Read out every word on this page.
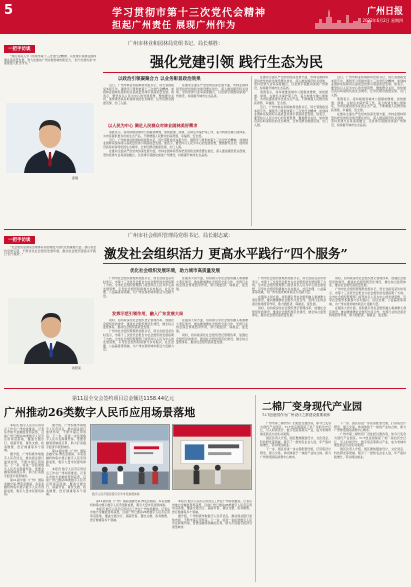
5	学习贯彻市第十三次党代会精神
担起广州责任 展现广州作为
广州日报
2022年6月2日 星期四
一把手访谈

“我们将深入学习贯彻市第十三次党代会精神，以党建引领林业园林事业高质量发展，努力在推动广州实现老城市新活力、‘四个出新出彩’中展现更大担当作为。”

廖刚
广州市林业和园林局党组书记、局长蔡胜：
强化党建引领 践行生态为民
以政治引领凝聚合力 以业务彰显政治效果

近日，广州市林业和园林局党组书记、局长蔡胜接受本报专访，围绕学习贯彻市第十三次党代会精神，谈到林业园林系统如何以高质量党建引领高质量发展。他表示，要坚持以人民为中心的发展思想，聚焦群众关切，加快建设具有岭南特色的生态城市，让市民群众推窗见绿、出门入园。

在推动全面从严治党向纵深发展方面，市林业园林局坚持把党的政治建设摆在首位，深入推进模范机关创建，坚持党建与业务深度融合，以党建引领推动绿美广州建设，持续提升城市生态品质。

以人民为中心 满足人民群众对林业园林美好需求

蔡胜表示，将持续推进城市公园提质增效，加快碧道、绿道、古树名木保护等工作，着力构建全域公园体系，为市民提供更多优质生态产品，不断增强人民群众的获得感、幸福感、安全感。

近日，广州市林业和园林局党组书记、局长蔡胜接受本报专访，围绕学习贯彻市第十三次党代会精神，谈到林业园林系统如何以高质量党建引领高质量发展。他表示，要坚持以人民为中心的发展思想，聚焦群众关切，加快建设具有岭南特色的生态城市，让市民群众推窗见绿、出门入园。

在推动全面从严治党向纵深发展方面，市林业园林局坚持把党的政治建设摆在首位，深入推进模范机关创建，坚持党建与业务深度融合，以党建引领推动绿美广州建设，持续提升城市生态品质。

在推动全面从严治党向纵深发展方面，市林业园林局坚持把党的政治建设摆在首位，深入推进模范机关创建，坚持党建与业务深度融合，以党建引领推动绿美广州建设，持续提升城市生态品质。

蔡胜表示，将持续推进城市公园提质增效，加快碧道、绿道、古树名木保护等工作，着力构建全域公园体系，为市民提供更多优质生态产品，不断增强人民群众的获得感、幸福感、安全感。

近日，广州市林业和园林局党组书记、局长蔡胜接受本报专访，围绕学习贯彻市第十三次党代会精神，谈到林业园林系统如何以高质量党建引领高质量发展。他表示，要坚持以人民为中心的发展思想，聚焦群众关切，加快建设具有岭南特色的生态城市，让市民群众推窗见绿、出门入园。

近日，广州市林业和园林局党组书记、局长蔡胜接受本报专访，围绕学习贯彻市第十三次党代会精神，谈到林业园林系统如何以高质量党建引领高质量发展。他表示，要坚持以人民为中心的发展思想，聚焦群众关切，加快建设具有岭南特色的生态城市，让市民群众推窗见绿、出门入园。

蔡胜表示，将持续推进城市公园提质增效，加快碧道、绿道、古树名木保护等工作，着力构建全域公园体系，为市民提供更多优质生态产品，不断增强人民群众的获得感、幸福感、安全感。

在推动全面从严治党向纵深发展方面，市林业园林局坚持把党的政治建设摆在首位，深入推进模范机关创建，坚持党建与业务深度融合，以党建引领推动绿美广州建设，持续提升城市生态品质。

一把手访谈

“社会组织是国家治理体系和治理能力现代化的重要力量。我们将坚持党建引领，不断优化社会组织发展环境，推动社会组织更高水平践行‘四个服务’。”

欧阳某
广州市社会组织管理局党组书记、局长谢志斌：
激发社会组织活力 更高水平践行“四个服务”
优化社会组织发展环境，助力城市高质量发展

广州市社会组织管理局党组书记、局长在接受采访时表示，市第十三次党代会报告为社会组织的发展指明了方向。全市社会组织管理部门将坚持以人民为中心的发展思想，引导社会组织积极参与乡村振兴、社区治理、公益慈善等领域，为广州实现老城市新活力贡献力量。

在服务大局方面，将积极引导社会组织融入粤港澳大湾区建设，推动穗港澳社会组织交流合作，发挥行业协会商会桥梁纽带作用，助力稳经济、保就业、促发展。

发挥示范引领作用，融入广东发展大局

同时，将持续深化社会组织登记管理改革，加强社会组织党的建设，推进社会组织规范化建设，健全综合监管体系，推动社会组织高质量发展。

广州市社会组织管理局党组书记、局长在接受采访时表示，市第十三次党代会报告为社会组织的发展指明了方向。全市社会组织管理部门将坚持以人民为中心的发展思想，引导社会组织积极参与乡村振兴、社区治理、公益慈善等领域，为广州实现老城市新活力贡献力量。

在服务大局方面，将积极引导社会组织融入粤港澳大湾区建设，推动穗港澳社会组织交流合作，发挥行业协会商会桥梁纽带作用，助力稳经济、保就业、促发展。

同时，将持续深化社会组织登记管理改革，加强社会组织党的建设，推进社会组织规范化建设，健全综合监管体系，推动社会组织高质量发展。

广州市社会组织管理局党组书记、局长在接受采访时表示，市第十三次党代会报告为社会组织的发展指明了方向。全市社会组织管理部门将坚持以人民为中心的发展思想，引导社会组织积极参与乡村振兴、社区治理、公益慈善等领域，为广州实现老城市新活力贡献力量。

在服务大局方面，将积极引导社会组织融入粤港澳大湾区建设，推动穗港澳社会组织交流合作，发挥行业协会商会桥梁纽带作用，助力稳经济、保就业、促发展。

同时，将持续深化社会组织登记管理改革，加强社会组织党的建设，推进社会组织规范化建设，健全综合监管体系，推动社会组织高质量发展。

同时，将持续深化社会组织登记管理改革，加强社会组织党的建设，推进社会组织规范化建设，健全综合监管体系，推动社会组织高质量发展。

广州市社会组织管理局党组书记、局长在接受采访时表示，市第十三次党代会报告为社会组织的发展指明了方向。全市社会组织管理部门将坚持以人民为中心的发展思想，引导社会组织积极参与乡村振兴、社区治理、公益慈善等领域，为广州实现老城市新活力贡献力量。

在服务大局方面，将积极引导社会组织融入粤港澳大湾区建设，推动穗港澳社会组织交流合作，发挥行业协会商会桥梁纽带作用，助力稳经济、保就业、促发展。

第11届全交会签约项目总金额达1158.44亿元
广州推动26类数字人民币应用场景落地

本报讯 数字人民币应用试点工作在广州持续推进。记者从市地方金融监管局获悉，目前广州已推动26类数字人民币应用场景落地，覆盖交通出行、商超零售、餐饮文旅、政务缴费、医疗健康等多个领域。

据介绍，广州积极争取数字人民币试点，推动商业银行加快布局，不断丰富应用场景。下一步，将进一步拓展数字人民币在跨境贸易、普惠金融等领域的应用，助力打造数字经济引领型城市。

第11届中国（广州）国际金融交易·博览会期间，多家金融机构集中展示数字人民币创新成果，吸引大量市民现场体验。

据介绍，广州积极争取数字人民币试点，推动商业银行加快布局，不断丰富应用场景。下一步，将进一步拓展数字人民币在跨境贸易、普惠金融等领域的应用，助力打造数字经济引领型城市。

第11届中国（广州）国际金融交易·博览会期间，多家金融机构集中展示数字人民币创新成果，吸引大量市民现场体验。

本报讯 数字人民币应用试点工作在广州持续推进。记者从市地方金融监管局获悉，目前广州已推动26类数字人民币应用场景落地，覆盖交通出行、商超零售、餐饮文旅、政务缴费、医疗健康等多个领域。	数字人民币展区吸引众多市民参观体验

第11届中国（广州）国际金融交易·博览会期间，多家金融机构集中展示数字人民币创新成果，吸引大量市民现场体验。

本报讯 数字人民币应用试点工作在广州持续推进。记者从市地方金融监管局获悉，目前广州已推动26类数字人民币应用场景落地，覆盖交通出行、商超零售、餐饮文旅、政务缴费、医疗健康等多个领域。

本报讯 数字人民币应用试点工作在广州持续推进。记者从市地方金融监管局获悉，目前广州已推动26类数字人民币应用场景落地，覆盖交通出行、商超零售、餐饮文旅、政务缴费、医疗健康等多个领域。

据介绍，广州积极争取数字人民币试点，推动商业银行加快布局，不断丰富应用场景。下一步，将进一步拓展数字人民币在跨境贸易、普惠金融等领域的应用，助力打造数字经济引领型城市。

二棉厂变身现代产业园
T.I.T创意园作为广州设计之都建设重要载体

广州市第二棉纺织厂旧址经过微改造，如今已变身为现代产业园区。T.I.T创意园保留了老厂房的历史记忆，引入时尚设计、数字创意等新兴产业，成为老城市焕发新活力的生动案例。

园区负责人介绍，园区聚焦服装设计、文化创意、科技研发等领域，吸引了一批知名企业入驻，年产值持续增长，带动周边就业。

下一步，园区将进一步完善配套设施，打造集设计研发、展示交易、休闲体验于一体的产业综合体，助力广州建设国际消费中心城市。

下一步，园区将进一步完善配套设施，打造集设计研发、展示交易、休闲体验于一体的产业综合体，助力广州建设国际消费中心城市。

广州市第二棉纺织厂旧址经过微改造，如今已变身为现代产业园区。T.I.T创意园保留了老厂房的历史记忆，引入时尚设计、数字创意等新兴产业，成为老城市焕发新活力的生动案例。

园区负责人介绍，园区聚焦服装设计、文化创意、科技研发等领域，吸引了一批知名企业入驻，年产值持续增长，带动周边就业。
